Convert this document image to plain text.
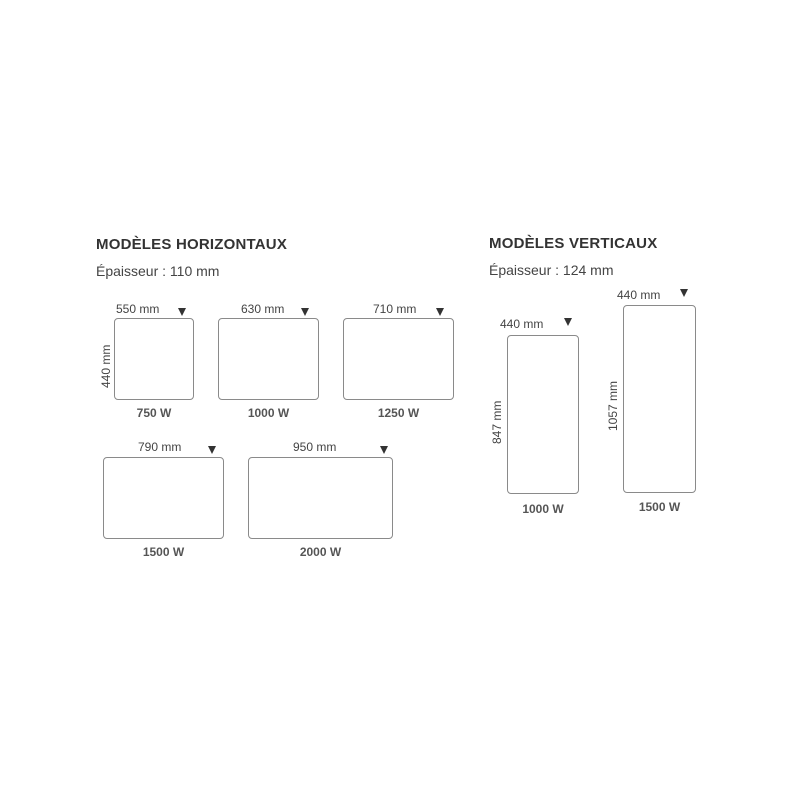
MODÈLES HORIZONTAUX
Épaisseur : 110 mm
550 mm
440 mm
750 W
630 mm
1000 W
710 mm
1250 W
790 mm
1500 W
950 mm
2000 W
MODÈLES VERTICAUX
Épaisseur : 124 mm
440 mm
847 mm
1000 W
440 mm
1057 mm
1500 W
